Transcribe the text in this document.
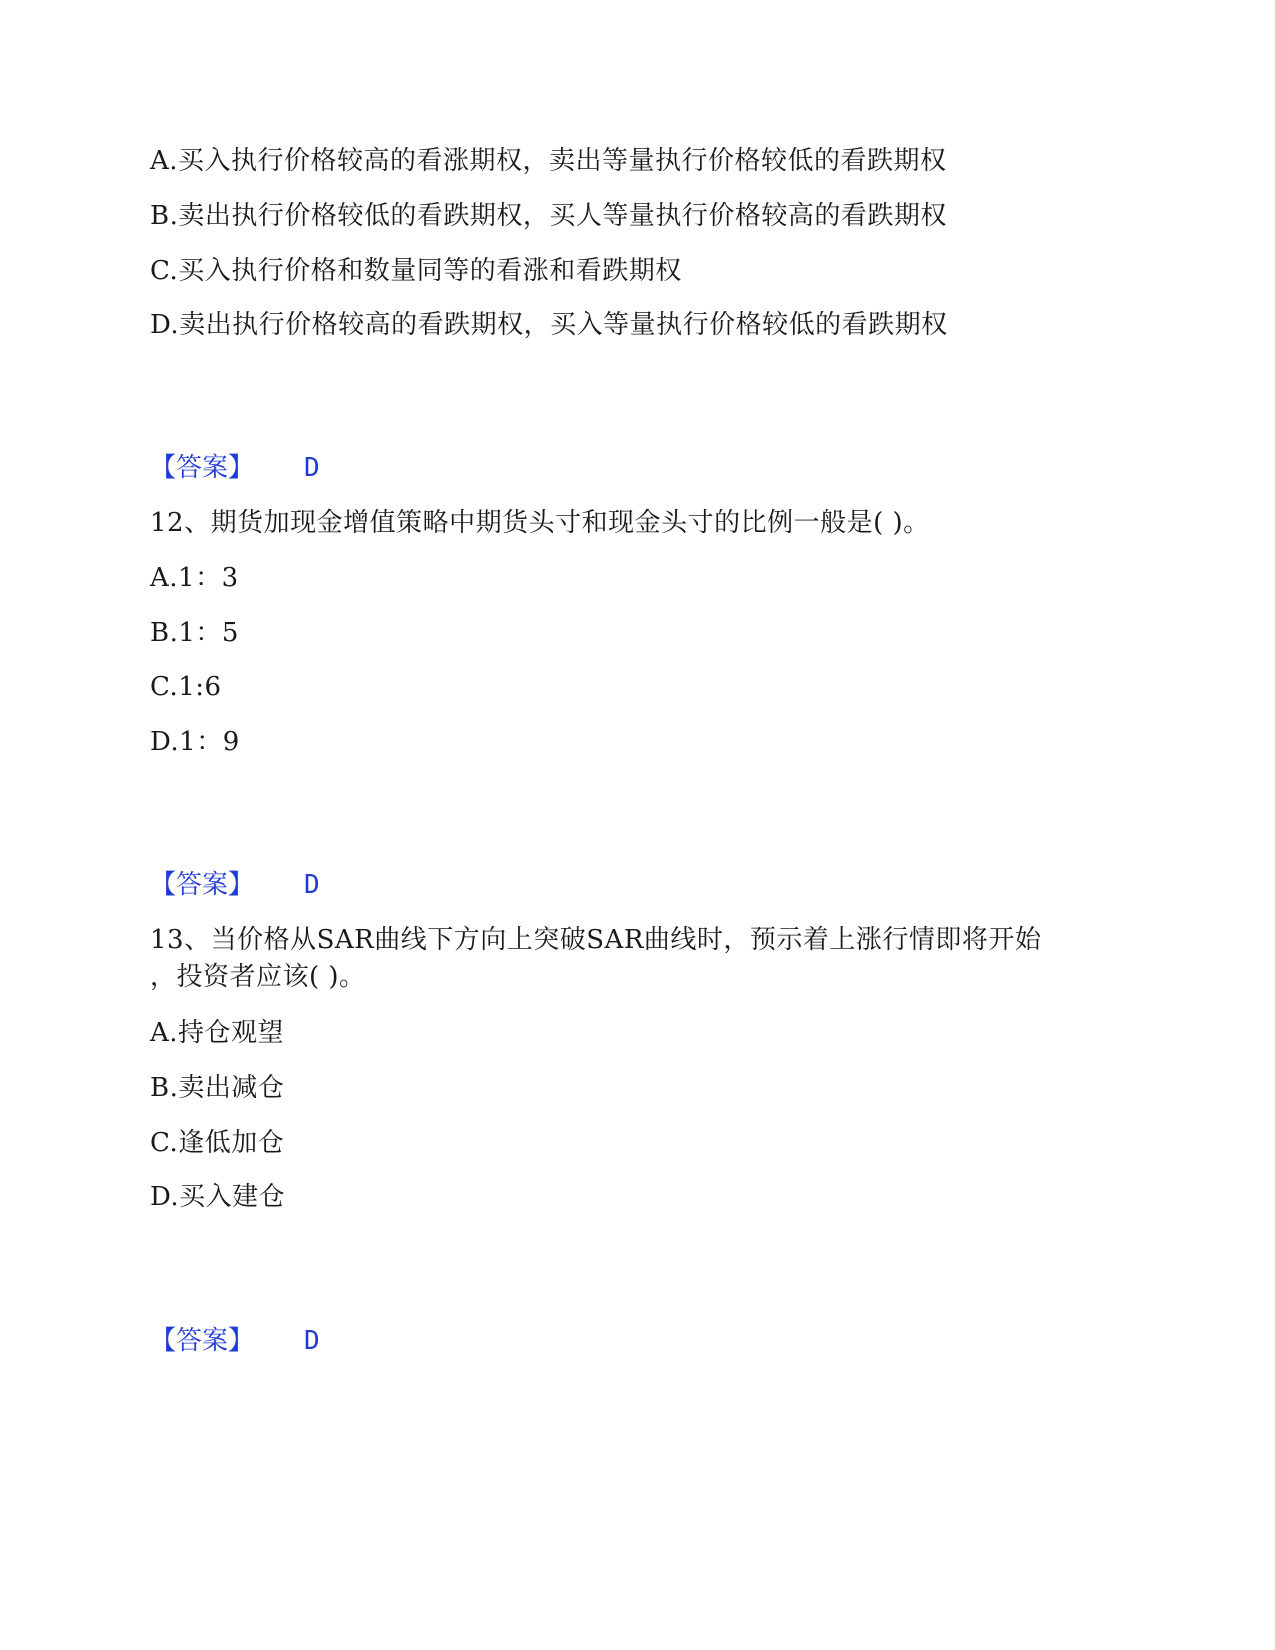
A.买入执行价格较高的看涨期权，卖出等量执行价格较低的看跌期权
B.卖出执行价格较低的看跌期权，买人等量执行价格较高的看跌期权
C.买入执行价格和数量同等的看涨和看跌期权
D.卖出执行价格较高的看跌期权，买入等量执行价格较低的看跌期权
【答案】 D
12、期货加现金增值策略中期货头寸和现金头寸的比例一般是( )。
A.1：3
B.1：5
C.1:6
D.1：9
【答案】 D
13、当价格从SAR曲线下方向上突破SAR曲线时，预示着上涨行情即将开始
，投资者应该( )。
A.持仓观望
B.卖出减仓
C.逢低加仓
D.买入建仓
【答案】 D
